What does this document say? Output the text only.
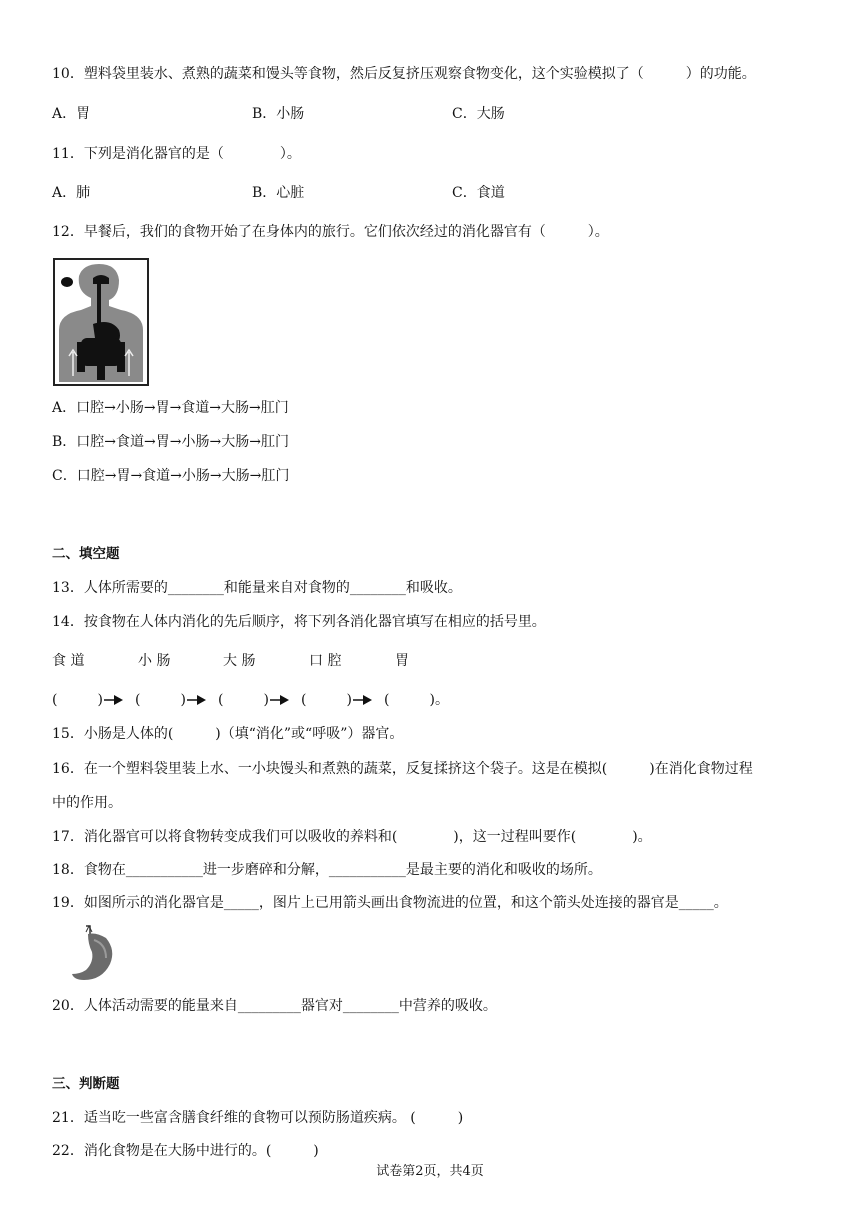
10．塑料袋里装水、煮熟的蔬菜和馒头等食物，然后反复挤压观察食物变化，这个实验模拟了（　　　）的功能。
A．胃	B．小肠	C．大肠
11．下列是消化器官的是（　　　　）。
A．肺	B．心脏	C．食道
12．早餐后，我们的食物开始了在身体内的旅行。它们依次经过的消化器官有（　　　）。
A．口腔→小肠→胃→食道→大肠→肛门
B．口腔→食道→胃→小肠→大肠→肛门
C．口腔→胃→食道→小肠→大肠→肛门
二、填空题
13．人体所需要的________和能量来自对食物的________和吸收。
14．按食物在人体内消化的先后顺序，将下列各消化器官填写在相应的括号里。
食 道	小 肠	大 肠	口 腔	胃
(	) (	) (	) (	) (	)。
15．小肠是人体的(　　　)（填“消化”或“呼吸”）器官。
16．在一个塑料袋里装上水、一小块馒头和煮熟的蔬菜，反复揉挤这个袋子。这是在模拟(　　　)在消化食物过程
中的作用。
17．消化器官可以将食物转变成我们可以吸收的养料和(　　　　)，这一过程叫要作(　　　　)。
18．食物在___________进一步磨碎和分解，___________是最主要的消化和吸收的场所。
19．如图所示的消化器官是_____，图片上已用箭头画出食物流进的位置，和这个箭头处连接的器官是_____。
20．人体活动需要的能量来自_________器官对________中营养的吸收。
三、判断题
21．适当吃一些富含膳食纤维的食物可以预防肠道疾病。 (　　　)
22．消化食物是在大肠中进行的。(　　　)
试卷第2页，共4页
